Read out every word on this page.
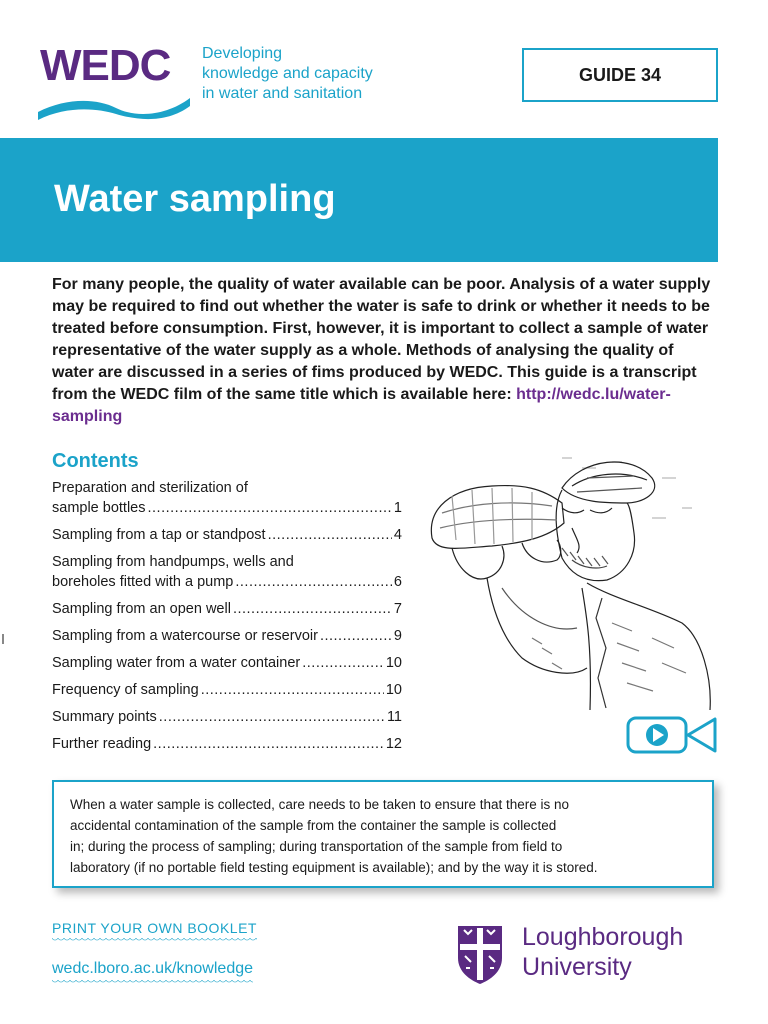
WEDC Developing
knowledge and capacity
in water and sanitation
GUIDE 34
Water sampling
For many people, the quality of water available can be poor. Analysis of a water supply may be required to find out whether the water is safe to drink or whether it needs to be treated before consumption. First, however, it is important to collect a sample of water representative of the water supply as a whole. Methods of analysing the quality of water are discussed in a series of fims produced by WEDC. This guide is a transcript from the WEDC film of the same title which is available here: http://wedc.lu/water-sampling
Contents
Preparation and sterilization of
sample bottles .....	1
Sampling from a tap or standpost .....	4
Sampling from handpumps, wells and
boreholes fitted with a pump .....	6
Sampling from an open well .....	7
Sampling from a watercourse or reservoir .....	9
Sampling water from a water container .....	10
Frequency of sampling .....	10
Summary points .....	11
Further reading .....	12
When a water sample is collected, care needs to be taken to ensure that there is no
accidental contamination of the sample from the container the sample is collected
in; during the process of sampling; during transportation of the sample from field to
laboratory (if no portable field testing equipment is available); and by the way it is stored.
PRINT YOUR OWN BOOKLET
wedc.lboro.ac.uk/knowledge
Loughborough
University
